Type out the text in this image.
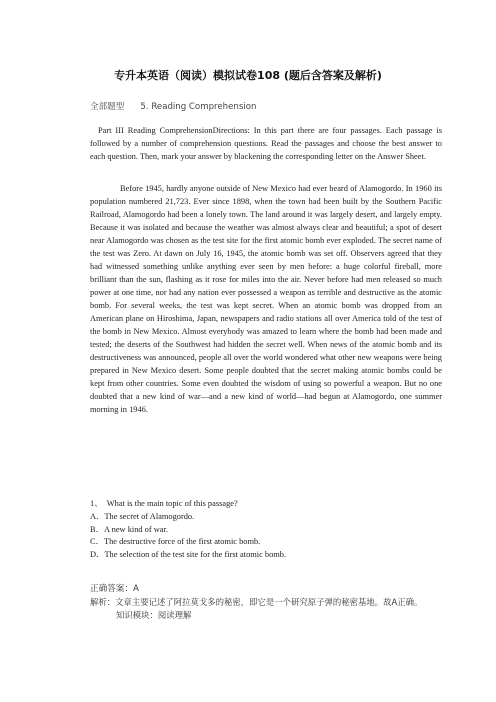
专升本英语（阅读）模拟试卷108 (题后含答案及解析)
全部题型 5. Reading Comprehension
Part III Reading ComprehensionDirections: In this part there are four passages. Each passage is followed by a number of comprehension questions. Read the passages and choose the best answer to each question. Then, mark your answer by blackening the corresponding letter on the Answer Sheet.
Before 1945, hardly anyone outside of New Mexico had ever heard of Alamogordo. In 1960 its population numbered 21,723. Ever since 1898, when the town had been built by the Southern Pacific Railroad, Alamogordo had been a lonely town. The land around it was largely desert, and largely empty. Because it was isolated and because the weather was almost always clear and beautiful; a spot of desert near Alamogordo was chosen as the test site for the first atomic bomb ever exploded. The secret name of the test was Zero. At dawn on July 16, 1945, the atomic bomb was set off. Observers agreed that they had witnessed something unlike anything ever seen by men before: a huge colorful fireball, more brilliant than the sun, flashing as it rose for miles into the air. Never before had men released so much power at one time, nor had any nation ever possessed a weapon as terrible and destructive as the atomic bomb. For several weeks, the test was kept secret. When an atomic bomb was dropped from an American plane on Hiroshima, Japan, newspapers and radio stations all over America told of the test of the bomb in New Mexico. Almost everybody was amazed to learn where the bomb had been made and tested; the deserts of the Southwest had hidden the secret well. When news of the atomic bomb and its destructiveness was announced, people all over the world wondered what other new weapons were being prepared in New Mexico desert. Some people doubted that the secret making atomic bombs could be kept from other countries. Some even doubted the wisdom of using so powerful a weapon. But no one doubted that a new kind of war—and a new kind of world—had begun at Alamogordo, one summer morning in 1946.
1、 What is the main topic of this passage?
A．The secret of Alamogordo.
B．A new kind of war.
C．The destructive force of the first atomic bomb.
D．The selection of the test site for the first atomic bomb.
正确答案：A
解析：文章主要记述了阿拉莫戈多的秘密，即它是一个研究原子弹的秘密基地。故A正确。知识模块：阅读理解
